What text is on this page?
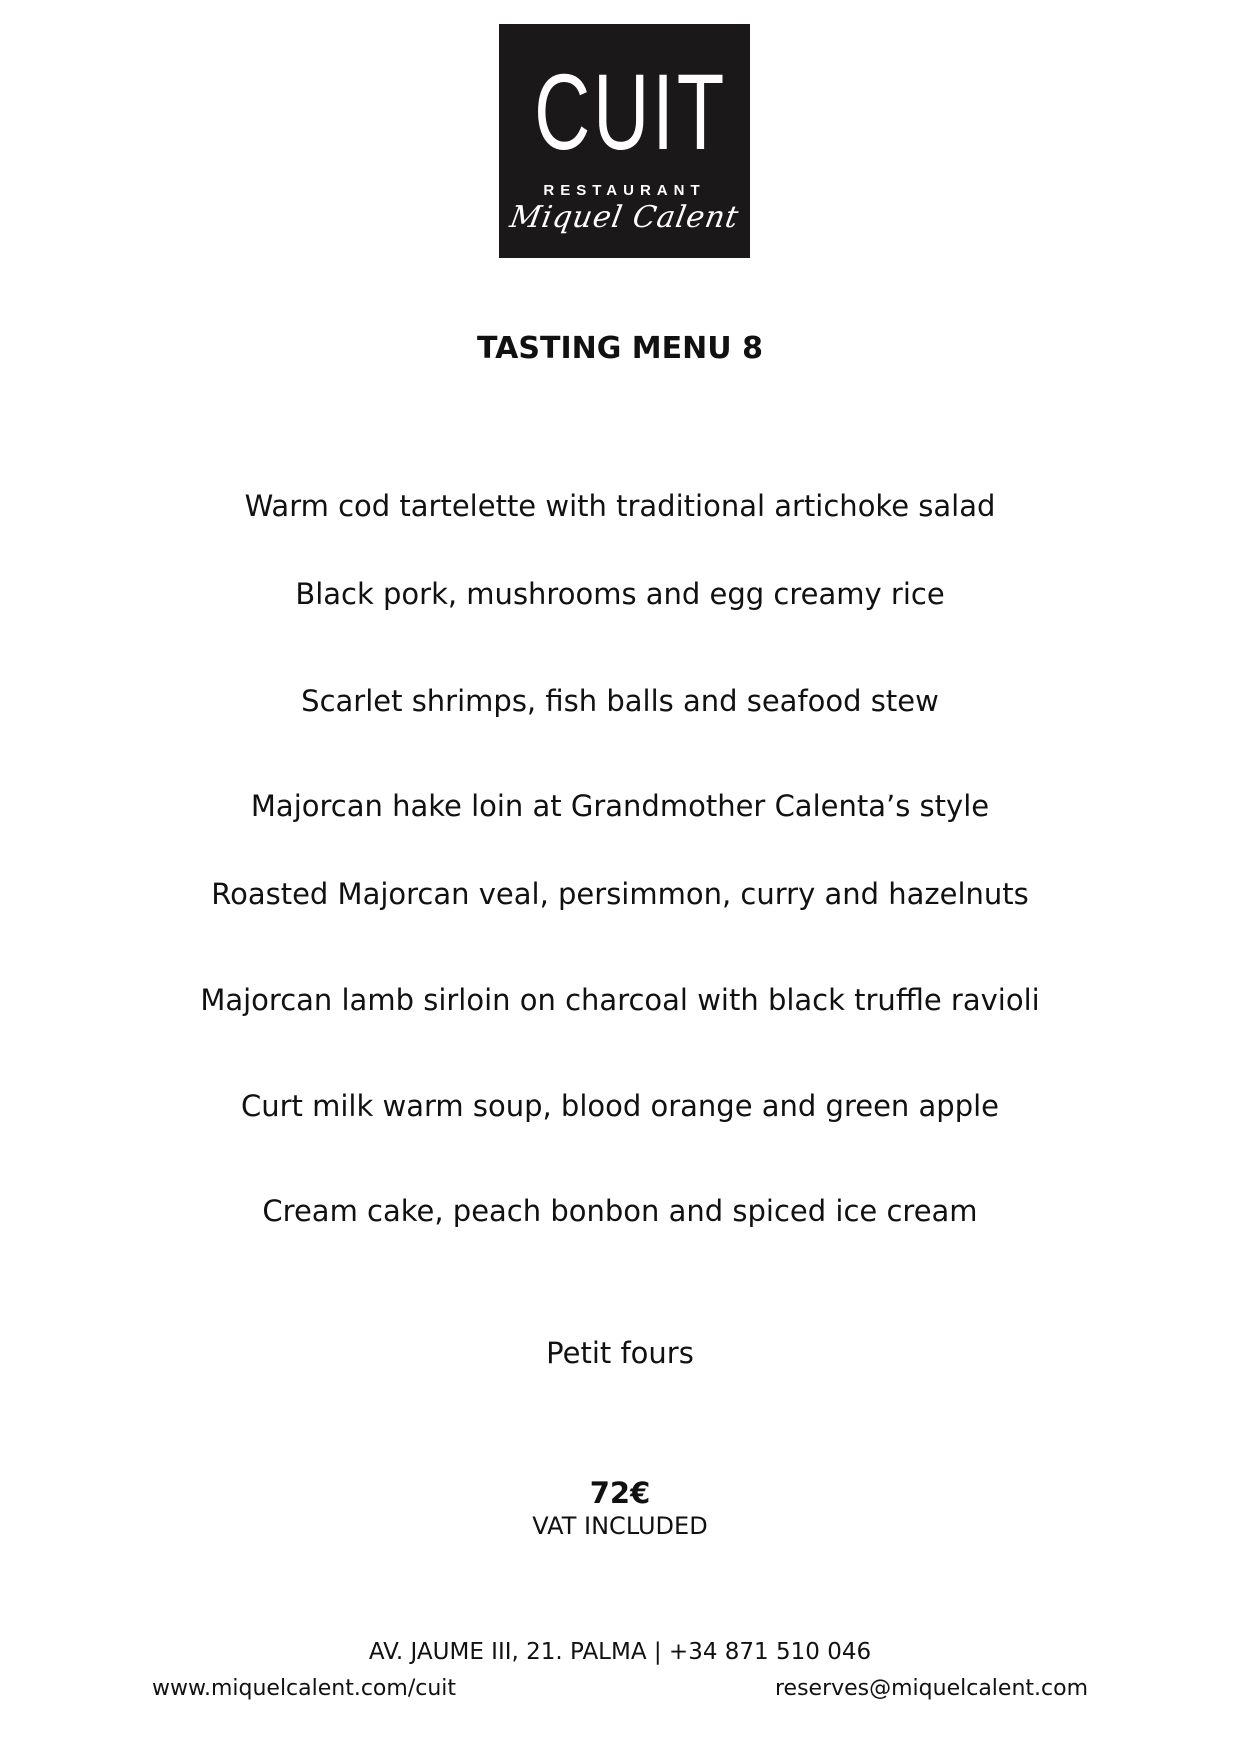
CUIT
RESTAURANT
Miquel Calent
TASTING MENU 8
Warm cod tartelette with traditional artichoke salad
Black pork, mushrooms and egg creamy rice
Scarlet shrimps, fish balls and seafood stew
Majorcan hake loin at Grandmother Calenta’s style
Roasted Majorcan veal, persimmon, curry and hazelnuts
Majorcan lamb sirloin on charcoal with black truffle ravioli
Curt milk warm soup, blood orange and green apple
Cream cake, peach bonbon and spiced ice cream
Petit fours
72€
VAT INCLUDED
AV. JAUME III, 21. PALMA | +34 871 510 046
www.miquelcalent.com/cuit	reserves@miquelcalent.com
